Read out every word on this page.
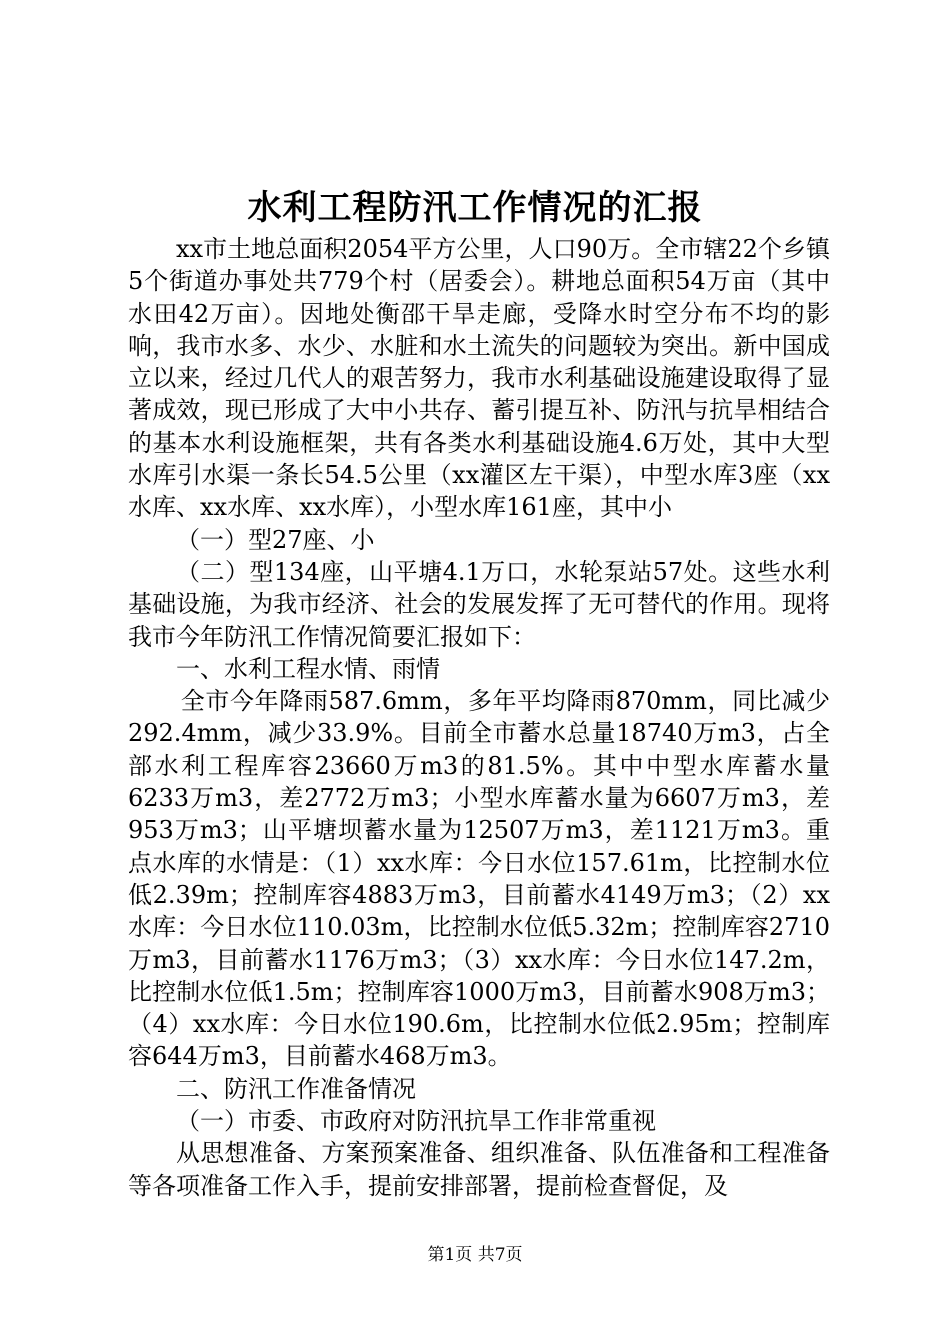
水利工程防汛工作情况的汇报

xx市土地总面积2054平方公里，人口90万。全市辖22个乡镇5个街道办事处共779个村（居委会）。耕地总面积54万亩（其中水田42万亩）。因地处衡邵干旱走廊，受降水时空分布不均的影响，我市水多、水少、水脏和水土流失的问题较为突出。新中国成立以来，经过几代人的艰苦努力，我市水利基础设施建设取得了显著成效，现已形成了大中小共存、蓄引提互补、防汛与抗旱相结合的基本水利设施框架，共有各类水利基础设施4.6万处，其中大型水库引水渠一条长54.5公里（xx灌区左干渠），中型水库3座（xx水库、xx水库、xx水库），小型水库161座，其中小

（一）型27座、小

（二）型134座，山平塘4.1万口，水轮泵站57处。这些水利基础设施，为我市经济、社会的发展发挥了无可替代的作用。现将我市今年防汛工作情况简要汇报如下：

一、水利工程水情、雨情

全市今年降雨587.6mm，多年平均降雨870mm，同比减少292.4mm，减少33.9%。目前全市蓄水总量18740万m3，占全部水利工程库容23660万m3的81.5%。其中中型水库蓄水量6233万m3，差2772万m3；小型水库蓄水量为6607万m3，差953万m3；山平塘坝蓄水量为12507万m3，差1121万m3。重点水库的水情是：（1）xx水库：今日水位157.61m，比控制水位低2.39m；控制库容4883万m3，目前蓄水4149万m3；（2）xx水库：今日水位110.03m，比控制水位低5.32m；控制库容2710万m3，目前蓄水1176万m3；（3）xx水库：今日水位147.2m，比控制水位低1.5m；控制库容1000万m3，目前蓄水908万m3；（4）xx水库：今日水位190.6m，比控制水位低2.95m；控制库容644万m3，目前蓄水468万m3。

二、防汛工作准备情况

（一）市委、市政府对防汛抗旱工作非常重视

从思想准备、方案预案准备、组织准备、队伍准备和工程准备等各项准备工作入手，提前安排部署，提前检查督促，及

第1页 共7页
